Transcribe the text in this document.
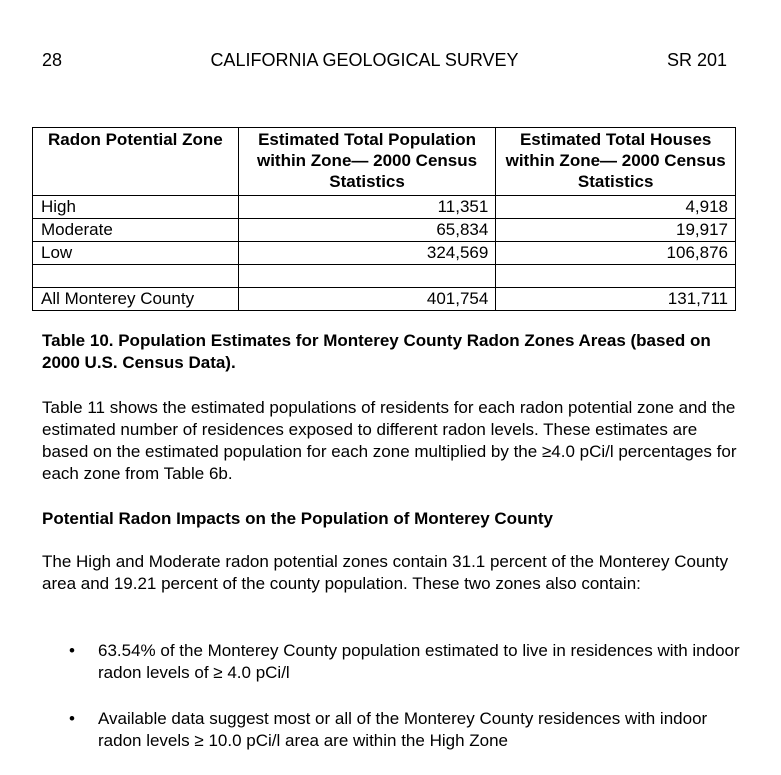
28	CALIFORNIA GEOLOGICAL SURVEY	SR 201
Radon Potential Zone	Estimated Total Population within Zone— 2000 Census Statistics	Estimated Total Houses within Zone— 2000 Census Statistics
High	11,351	4,918
Moderate	65,834	19,917
Low	324,569	106,876

All Monterey County	401,754	131,711
Table 10. Population Estimates for Monterey County Radon Zones Areas (based on 2000 U.S. Census Data).
Table 11 shows the estimated populations of residents for each radon potential zone and the estimated number of residences exposed to different radon levels. These estimates are based on the estimated population for each zone multiplied by the ≥4.0 pCi/l percentages for each zone from Table 6b.
Potential Radon Impacts on the Population of Monterey County
The High and Moderate radon potential zones contain 31.1 percent of the Monterey County area and 19.21 percent of the county population. These two zones also contain:
• 63.54% of the Monterey County population estimated to live in residences with indoor radon levels of ≥ 4.0 pCi/l
• Available data suggest most or all of the Monterey County residences with indoor radon levels ≥ 10.0 pCi/l area are within the High Zone
